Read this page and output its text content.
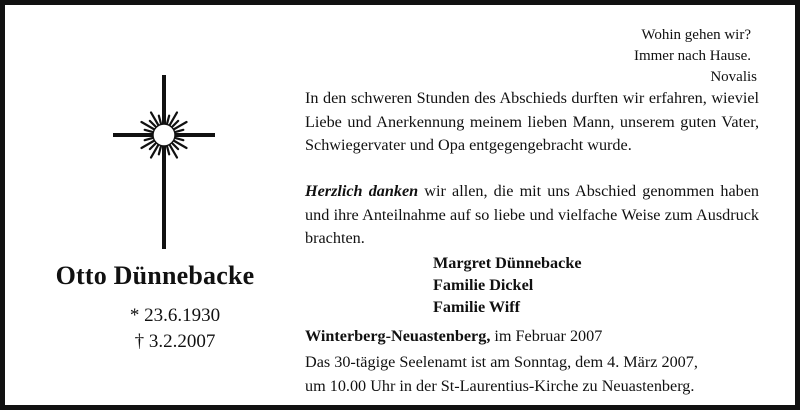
Wohin gehen wir?
Immer nach Hause.
Novalis
Otto Dünnebacke
* 23.6.1930
† 3.2.2007
In den schweren Stunden des Abschieds durften wir erfahren, wieviel Liebe und Anerkennung meinem lieben Mann, unserem guten Vater, Schwiegervater und Opa entgegengebracht wurde.
Herzlich danken wir allen, die mit uns Abschied genommen haben und ihre Anteilnahme auf so liebe und vielfache Weise zum Ausdruck brachten.
Margret Dünnebacke
Familie Dickel
Familie Wiff
Winterberg-Neuastenberg, im Februar 2007
Das 30-tägige Seelenamt ist am Sonntag, dem 4. März 2007,
um 10.00 Uhr in der St-Laurentius-Kirche zu Neuastenberg.
